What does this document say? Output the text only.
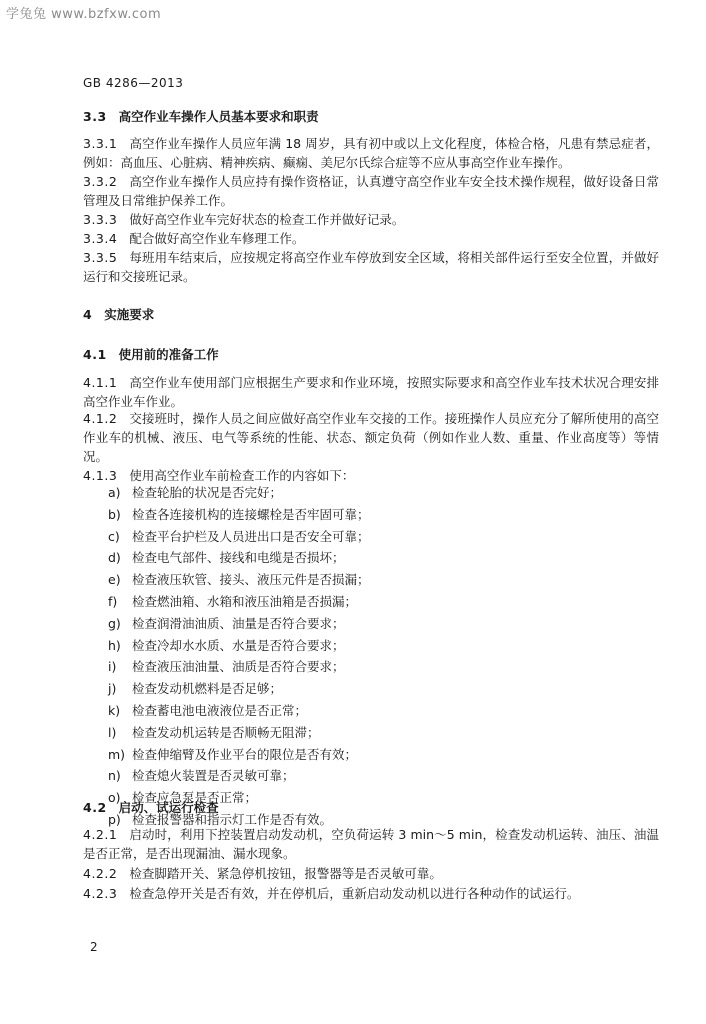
学兔兔 www.bzfxw.com
GB 4286—2013
3.3 高空作业车操作人员基本要求和职责

3.3.1 高空作业车操作人员应年满 18 周岁，具有初中或以上文化程度，体检合格，凡患有禁忌症者，例如：高血压、心脏病、精神疾病、癫痫、美尼尔氏综合症等不应从事高空作业车操作。

3.3.2 高空作业车操作人员应持有操作资格证，认真遵守高空作业车安全技术操作规程，做好设备日常管理及日常维护保养工作。

3.3.3 做好高空作业车完好状态的检查工作并做好记录。

3.3.4 配合做好高空作业车修理工作。

3.3.5 每班用车结束后，应按规定将高空作业车停放到安全区域，将相关部件运行至安全位置，并做好运行和交接班记录。

4 实施要求
4.1 使用前的准备工作

4.1.1 高空作业车使用部门应根据生产要求和作业环境，按照实际要求和高空作业车技术状况合理安排高空作业车作业。

4.1.2 交接班时，操作人员之间应做好高空作业车交接的工作。接班操作人员应充分了解所使用的高空作业车的机械、液压、电气等系统的性能、状态、额定负荷（例如作业人数、重量、作业高度等）等情况。

4.1.3 使用高空作业车前检查工作的内容如下：

a) 检查轮胎的状况是否完好；
b) 检查各连接机构的连接螺栓是否牢固可靠；
c) 检查平台护栏及人员进出口是否安全可靠；
d) 检查电气部件、接线和电缆是否损坏；
e) 检查液压软管、接头、液压元件是否损漏；
f) 检查燃油箱、水箱和液压油箱是否损漏；
g) 检查润滑油油质、油量是否符合要求；
h) 检查冷却水水质、水量是否符合要求；
i) 检查液压油油量、油质是否符合要求；
j) 检查发动机燃料是否足够；
k) 检查蓄电池电液液位是否正常；
l) 检查发动机运转是否顺畅无阻滞；
m) 检查伸缩臂及作业平台的限位是否有效；
n) 检查熄火装置是否灵敏可靠；
o) 检查应急泵是否正常；
p) 检查报警器和指示灯工作是否有效。
4.2 启动、试运行检查

4.2.1 启动时，利用下控装置启动发动机，空负荷运转 3 min～5 min，检查发动机运转、油压、油温是否正常，是否出现漏油、漏水现象。

4.2.2 检查脚踏开关、紧急停机按钮，报警器等是否灵敏可靠。

4.2.3 检查急停开关是否有效，并在停机后，重新启动发动机以进行各种动作的试运行。

2
